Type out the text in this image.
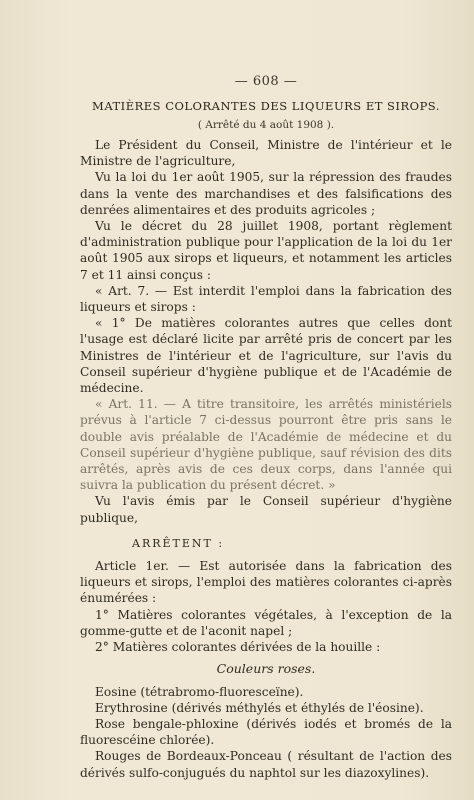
— 608 —
MATIÈRES COLORANTES DES LIQUEURS ET SIROPS.
( Arrêté du 4 août 1908 ).

Le Président du Conseil, Ministre de l'intérieur et le Ministre de l'agriculture,

Vu la loi du 1er août 1905, sur la répression des fraudes dans la vente des marchandises et des falsifications des denrées alimentaires et des produits agricoles ;

Vu le décret du 28 juillet 1908, portant règlement d'administration publique pour l'application de la loi du 1er août 1905 aux sirops et liqueurs, et notamment les articles 7 et 11 ainsi conçus :

« Art. 7. — Est interdit l'emploi dans la fabrication des liqueurs et sirops :

« 1° De matières colorantes autres que celles dont l'usage est déclaré licite par arrêté pris de concert par les Ministres de l'intérieur et de l'agriculture, sur l'avis du Conseil supérieur d'hygiène publique et de l'Académie de médecine.

« Art. 11. — A titre transitoire, les arrêtés ministériels prévus à l'article 7 ci-dessus pourront être pris sans le double avis préalable de l'Académie de médecine et du Conseil supérieur d'hygiène publique, sauf révision des dits arrêtés, après avis de ces deux corps, dans l'année qui suivra la publication du présent décret. »

Vu l'avis émis par le Conseil supérieur d'hygiène publique,

ARRÊTENT :

Article 1er. — Est autorisée dans la fabrication des liqueurs et sirops, l'emploi des matières colorantes ci-après énumérées :

1° Matières colorantes végétales, à l'exception de la gomme-gutte et de l'aconit napel ;

2° Matières colorantes dérivées de la houille :

Couleurs roses.

Eosine (tétrabromo-fluoresceïne).

Erythrosine (dérivés méthylés et éthylés de l'éosine).

Rose bengale-phloxine (dérivés iodés et bromés de la fluorescéine chlorée).

Rouges de Bordeaux-Ponceau ( résultant de l'action des dérivés sulfo-conjugués du naphtol sur les diazoxylines).
